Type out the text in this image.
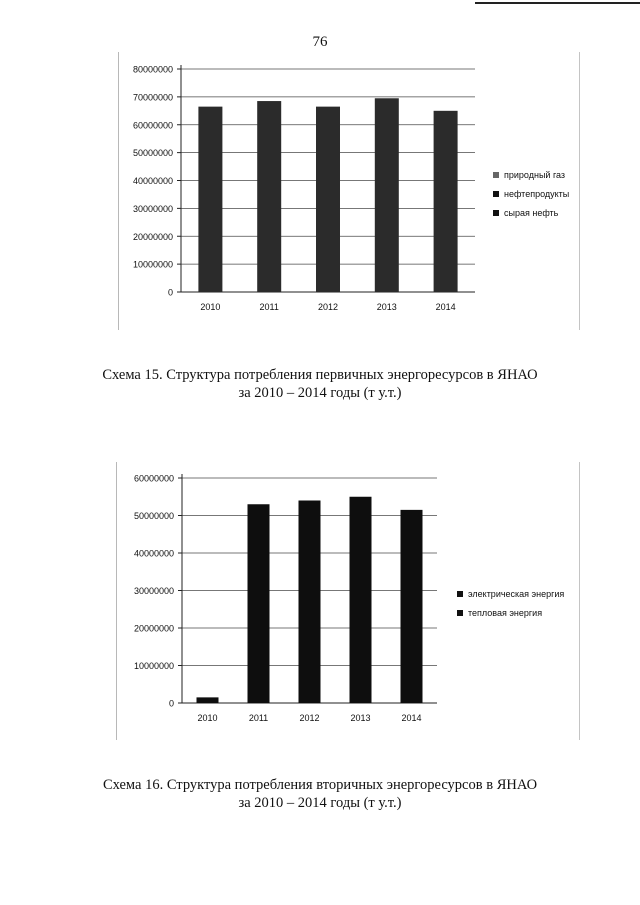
76
0
10000000
20000000
30000000
40000000
50000000
60000000
70000000
80000000
2010	2011	2012	2013	2014
природный газ
нефтепродукты
сырая нефть
Схема 15. Структура потребления первичных энергоресурсов в ЯНАО
за 2010 – 2014 годы (т у.т.)
0
10000000
20000000
30000000
40000000
50000000
60000000
2010	2011	2012	2013	2014
электрическая энергия
тепловая энергия
Схема 16. Структура потребления вторичных энергоресурсов в ЯНАО
за 2010 – 2014 годы (т у.т.)
